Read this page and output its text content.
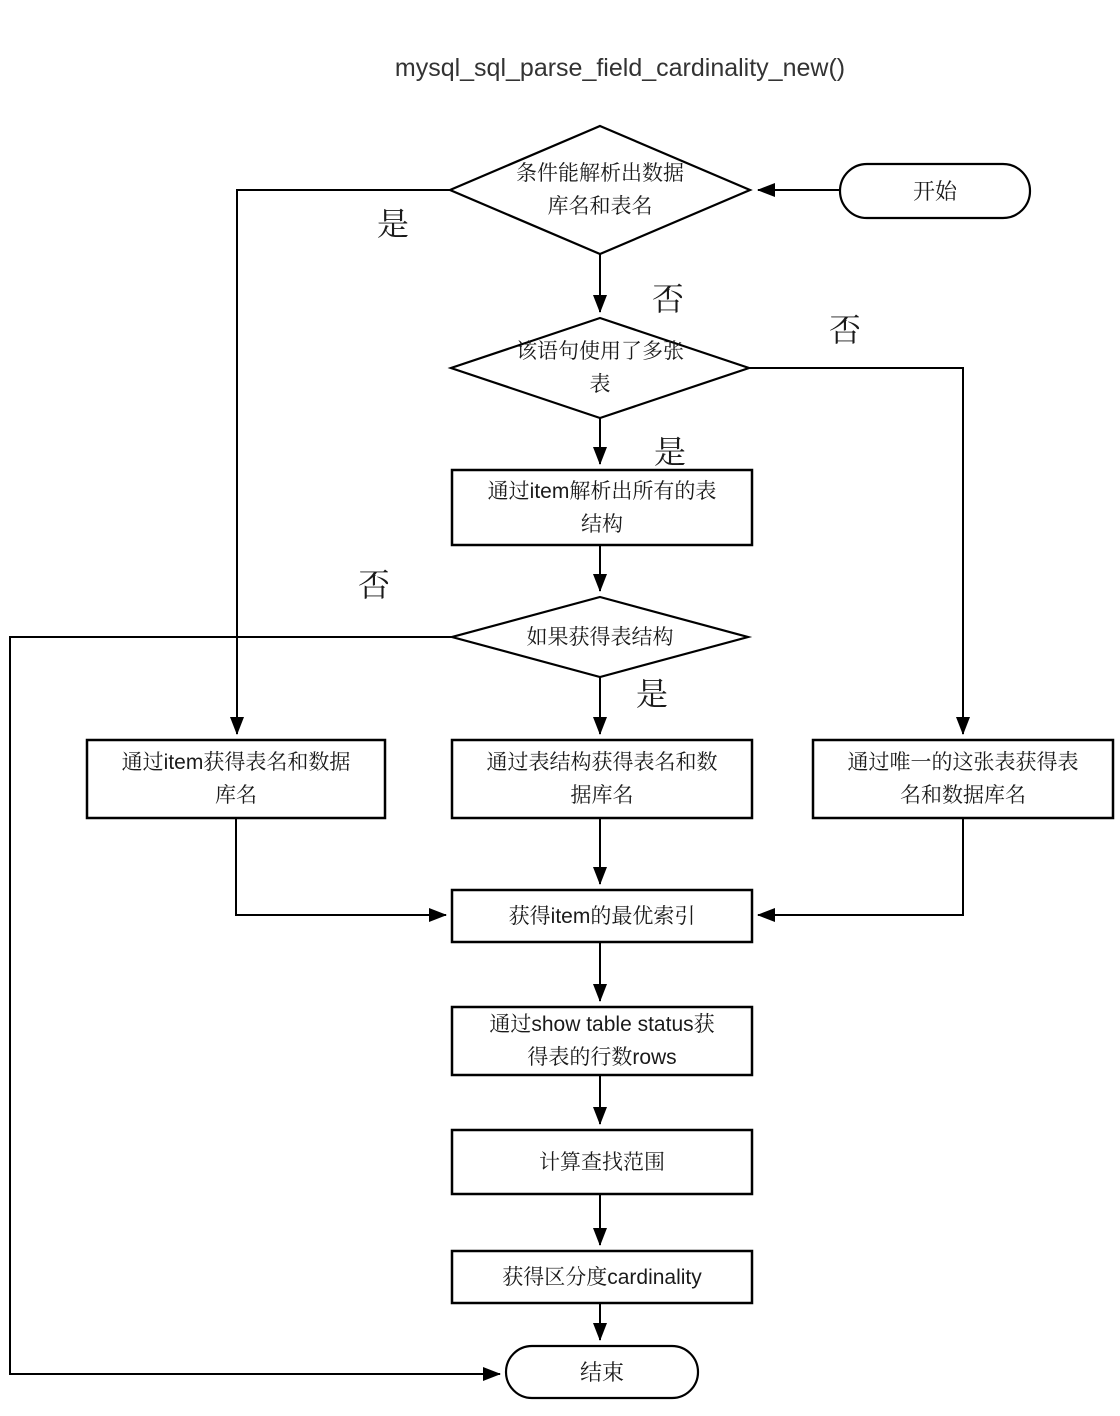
mysql_sql_parse_field_cardinality_new()
开始
条件能解析出数据
库名和表名
该语句使用了多张
表
通过item解析出所有的表
结构
如果获得表结构
通过item获得表名和数据
库名
通过表结构获得表名和数
据库名
通过唯一的这张表获得表
名和数据库名
获得item的最优索引
通过show table status获
得表的行数rows
计算查找范围
获得区分度cardinality
结束
是
否
否
是
否
是
